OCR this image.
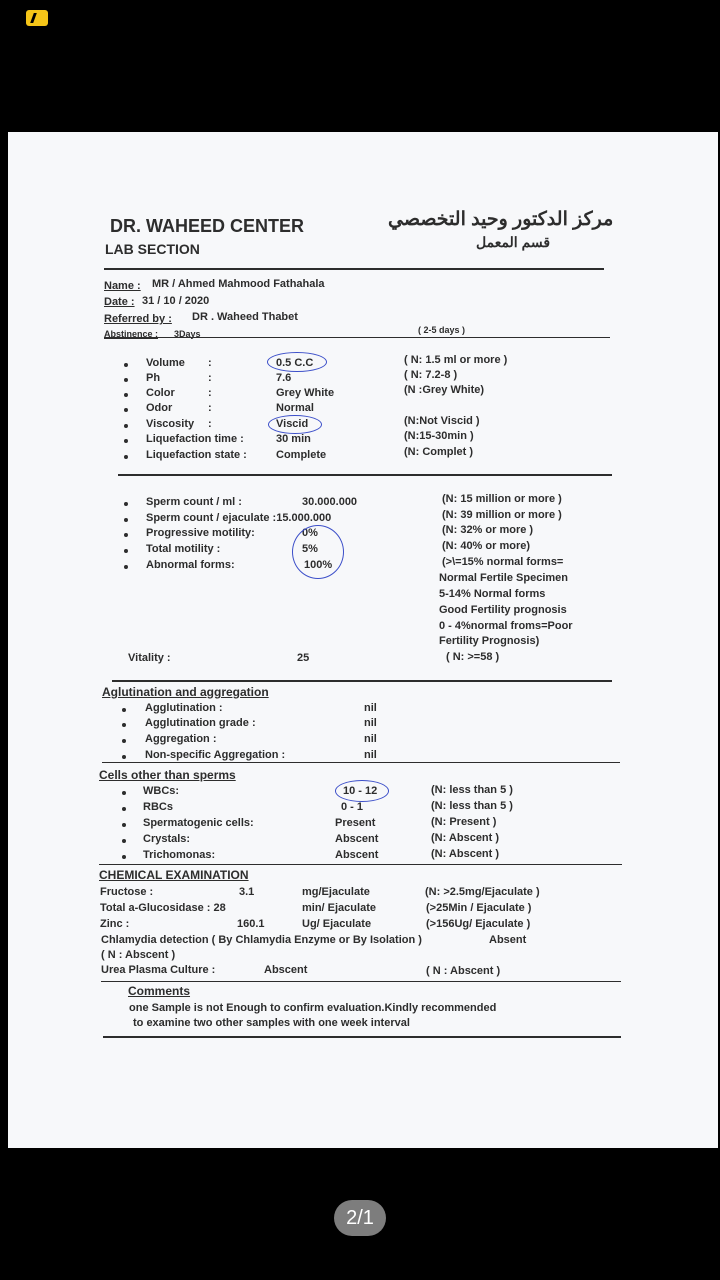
DR. WAHEED CENTER
LAB SECTION
مركز الدكتور وحيد التخصصي
قسم المعمل
Name : MR / Ahmed Mahmood Fathahala
Date : 31 / 10 / 2020
Referred by : DR . Waheed Thabet
Abstinence : 3Days	( 2-5 days )
Volume :	0.5 C.C	( N: 1.5 ml or more )
Ph	:	7.6	( N: 7.2-8 )
Color	:	Grey White	(N :Grey White)
Odor	:	Normal
Viscosity :	Viscid	(N:Not Viscid )
Liquefaction time :	30 min	(N:15-30min )
Liquefaction state :	Complete	(N: Complet )
Sperm count / ml :	30.000.000	(N: 15 million or more )
Sperm count / ejaculate :15.000.000	(N: 39 million or more )
Progressive motility:	0%	(N: 32% or more )
Total motility :	5%	(N: 40% or more)
Abnormal forms:	100%	(>\=15% normal forms=
Normal Fertile Specimen
5-14% Normal forms
Good Fertility prognosis
0 - 4%normal froms=Poor
Fertility Prognosis)
Vitality :	25	( N: >=58 )
Aglutination and aggregation
Agglutination :	nil
Agglutination grade :	nil
Aggregation :	nil
Non-specific Aggregation :	nil
Cells other than sperms
WBCs:	10 - 12	(N: less than 5 )
RBCs	0 - 1	(N: less than 5 )
Spermatogenic cells:	Present	(N: Present )
Crystals:	Abscent	(N: Abscent )
Trichomonas:	Abscent	(N: Abscent )
CHEMICAL EXAMINATION
Fructose :	3.1	mg/Ejaculate	(N: >2.5mg/Ejaculate )
Total a-Glucosidase : 28	min/ Ejaculate	(>25Min / Ejaculate )
Zinc :	160.1	Ug/ Ejaculate	(>156Ug/ Ejaculate )
Chlamydia detection ( By Chlamydia Enzyme or By Isolation )	Absent
( N : Abscent )
Urea Plasma Culture :	Abscent	( N : Abscent )
Comments
one Sample is not Enough to confirm evaluation.Kindly recommended
to examine two other samples with one week interval
2/1
